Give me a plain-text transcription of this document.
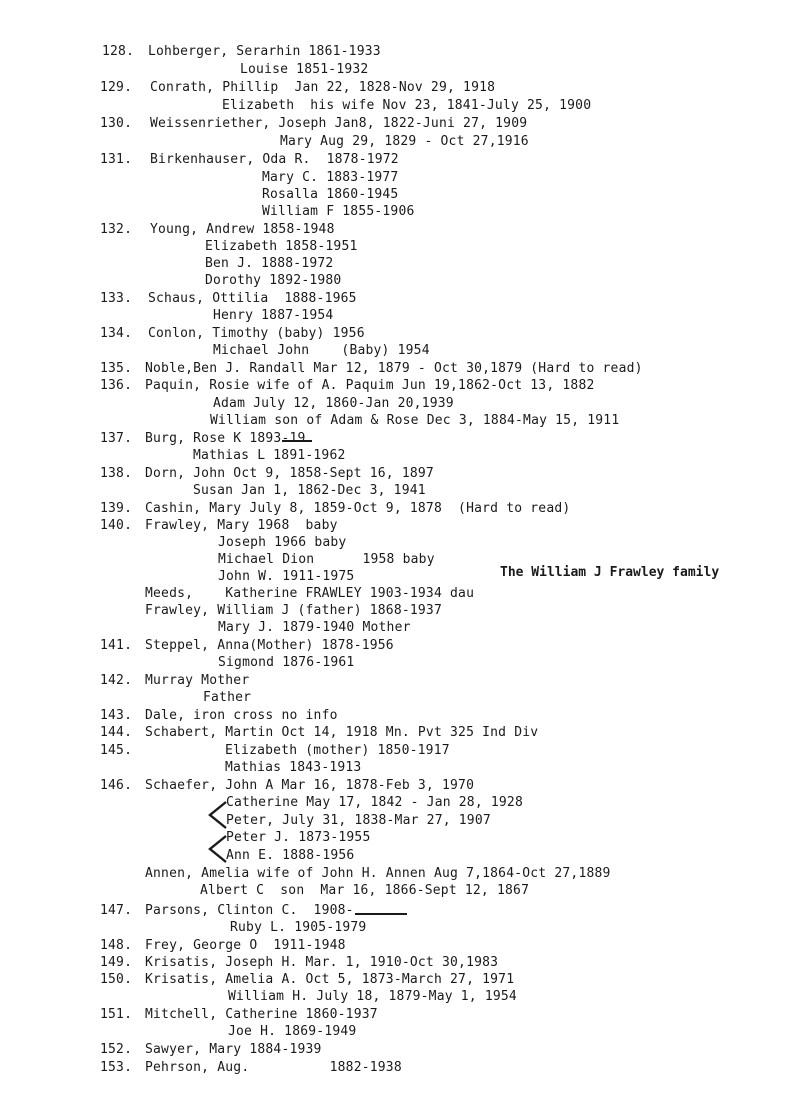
The William J Frawley family
128. Lohberger, Serarhin 1861-1933
Louise 1851-1932
129. Conrath, Phillip  Jan 22, 1828-Nov 29, 1918
Elizabeth  his wife Nov 23, 1841-July 25, 1900
130. Weissenriether, Joseph Jan8, 1822-Juni 27, 1909
Mary Aug 29, 1829 - Oct 27,1916
131. Birkenhauser, Oda R.  1878-1972
Mary C. 1883-1977
Rosalla 1860-1945
William F 1855-1906
132. Young, Andrew 1858-1948
Elizabeth 1858-1951
Ben J. 1888-1972
Dorothy 1892-1980
133. Schaus, Ottilia  1888-1965
Henry 1887-1954
134. Conlon, Timothy (baby) 1956
Michael John    (Baby) 1954
135. Noble,Ben J. Randall Mar 12, 1879 - Oct 30,1879 (Hard to read)
136. Paquin, Rosie wife of A. Paquim Jun 19,1862-Oct 13, 1882
Adam July 12, 1860-Jan 20,1939
William son of Adam & Rose Dec 3, 1884-May 15, 1911
137. Burg, Rose K 1893-19
Mathias L 1891-1962
138. Dorn, John Oct 9, 1858-Sept 16, 1897
Susan Jan 1, 1862-Dec 3, 1941
139. Cashin, Mary July 8, 1859-Oct 9, 1878  (Hard to read)
140. Frawley, Mary 1968  baby
Joseph 1966 baby
Michael Dion      1958 baby
John W. 1911-1975
Meeds,    Katherine FRAWLEY 1903-1934 dau
Frawley, William J (father) 1868-1937
Mary J. 1879-1940 Mother
141. Steppel, Anna(Mother) 1878-1956
Sigmond 1876-1961
142. Murray Mother
Father
143. Dale, iron cross no info
144. Schabert, Martin Oct 14, 1918 Mn. Pvt 325 Ind Div
145.	Elizabeth (mother) 1850-1917
Mathias 1843-1913
146. Schaefer, John A Mar 16, 1878-Feb 3, 1970
Catherine May 17, 1842 - Jan 28, 1928
Peter, July 31, 1838-Mar 27, 1907
Peter J. 1873-1955
Ann E. 1888-1956
Annen, Amelia wife of John H. Annen Aug 7,1864-Oct 27,1889
Albert C  son  Mar 16, 1866-Sept 12, 1867
147. Parsons, Clinton C.  1908-
Ruby L. 1905-1979
148. Frey, George O  1911-1948
149. Krisatis, Joseph H. Mar. 1, 1910-Oct 30,1983
150. Krisatis, Amelia A. Oct 5, 1873-March 27, 1971
William H. July 18, 1879-May 1, 1954
151. Mitchell, Catherine 1860-1937
Joe H. 1869-1949
152. Sawyer, Mary 1884-1939
153. Pehrson, Aug.          1882-1938
